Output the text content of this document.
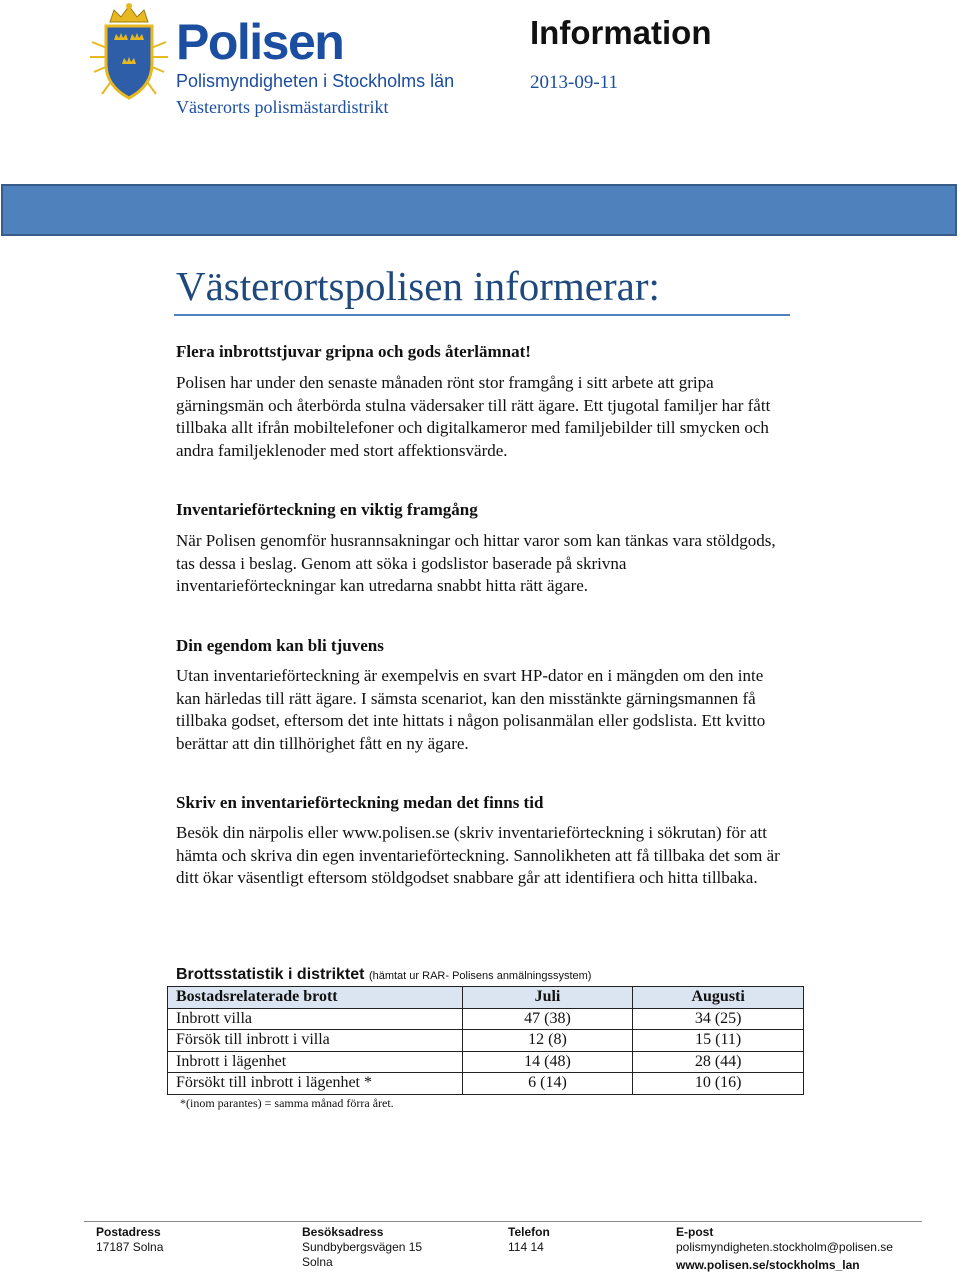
Polisen
Polismyndigheten i Stockholms län
Västerorts polismästardistrikt
Information
2013-09-11
Västerortspolisen informerar:
Flera inbrottstjuvar gripna och gods återlämnat!

Polisen har under den senaste månaden rönt stor framgång i sitt arbete att gripa gärningsmän och återbörda stulna vädersaker till rätt ägare. Ett tjugotal familjer har fått tillbaka allt ifrån mobiltelefoner och digitalkameror med familjebilder till smycken och andra familjeklenoder med stort affektionsvärde.

Inventarieförteckning en viktig framgång

När Polisen genomför husrannsakningar och hittar varor som kan tänkas vara stöldgods, tas dessa i beslag. Genom att söka i godslistor baserade på skrivna inventarieförteckningar kan utredarna snabbt hitta rätt ägare.

Din egendom kan bli tjuvens

Utan inventarieförteckning är exempelvis en svart HP-dator en i mängden om den inte kan härledas till rätt ägare. I sämsta scenariot, kan den misstänkte gärningsmannen få tillbaka godset, eftersom det inte hittats i någon polisanmälan eller godslista. Ett kvitto berättar att din tillhörighet fått en ny ägare.

Skriv en inventarieförteckning medan det finns tid

Besök din närpolis eller www.polisen.se (skriv inventarieförteckning i sökrutan) för att hämta och skriva din egen inventarieförteckning. Sannolikheten att få tillbaka det som är ditt ökar väsentligt eftersom stöldgodset snabbare går att identifiera och hitta tillbaka.

Brottsstatistik i distriktet (hämtat ur RAR- Polisens anmälningssystem)
Bostadsrelaterade brott	Juli	Augusti
Inbrott villa	47 (38)	34 (25)
Försök till inbrott i villa	12 (8)	15 (11)
Inbrott i lägenhet	14 (48)	28 (44)
Försökt till inbrott i lägenhet *	6 (14)	10 (16)
*(inom parantes) = samma månad förra året.
Postadress
17187 Solna
Besöksadress
Sundbybergsvägen 15
Solna
Telefon
114 14
E-post
polismyndigheten.stockholm@polisen.se
www.polisen.se/stockholms_lan
